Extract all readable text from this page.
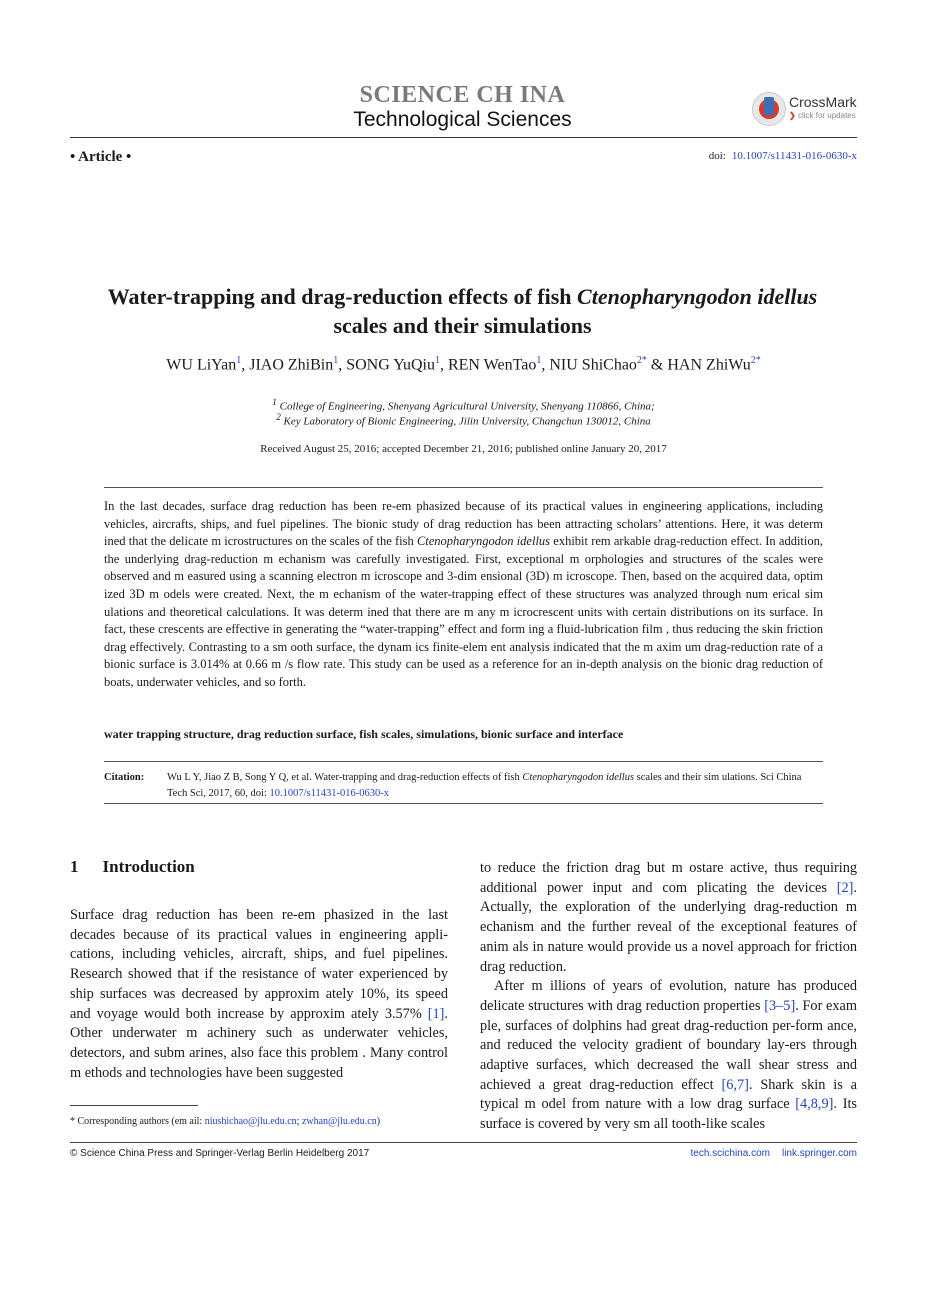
SCIENCE CH INA
Technological Sciences
CrossMark
❯ click for updates
• Article •	doi: 10.1007/s11431-016-0630-x
Water-trapping and drag-reduction effects of fish Ctenopharyngodon idellus scales and their simulations
WU LiYan$^1$, JIAO ZhiBin$^1$, SONG YuQiu$^1$, REN WenTao$^1$, NIU ShiChao$^{2*}$ & HAN ZhiWu$^{2*}$
$^1$ College of Engineering, Shenyang Agricultural University, Shenyang 110866, China;
$^2$ Key Laboratory of Bionic Engineering, Jilin University, Changchun 130012, China
Received August 25, 2016; accepted December 21, 2016; published online January 20, 2017
In the last decades, surface drag reduction has been re-em phasized because of its practical values in engineering applications, including vehicles, aircrafts, ships, and fuel pipelines. The bionic study of drag reduction has been attracting scholars’ attentions. Here, it was determ ined that the delicate m icrostructures on the scales of the fish Ctenopharyngodon idellus exhibit rem arkable drag-reduction effect. In addition, the underlying drag-reduction m echanism was carefully investigated. First, exceptional m orphologies and structures of the scales were observed and m easured using a scanning electron m icroscope and 3-dim ensional (3D) m icroscope. Then, based on the acquired data, optim ized 3D m odels were created. Next, the m echanism of the water-trapping effect of these structures was analyzed through num erical sim ulations and theoretical calculations. It was determ ined that there are m any m icrocrescent units with certain distributions on its surface. In fact, these crescents are effective in generating the “water-trapping” effect and form ing a fluid-lubrication film , thus reducing the skin friction drag effectively. Contrasting to a sm ooth surface, the dynam ics finite-elem ent analysis indicated that the m axim um drag-reduction rate of a bionic surface is 3.014% at 0.66 m /s flow rate. This study can be used as a reference for an in-depth analysis on the bionic drag reduction of boats, underwater vehicles, and so forth.
water trapping structure, drag reduction surface, fish scales, simulations, bionic surface and interface
Citation: Wu L Y, Jiao Z B, Song Y Q, et al. Water-trapping and drag-reduction effects of fish Ctenopharyngodon idellus scales and their sim ulations. Sci China Tech Sci, 2017, 60, doi: 10.1007/s11431-016-0630-x
1 Introduction

Surface drag reduction has been re-em phasized in the last decades because of its practical values in engineering appli-cations, including vehicles, aircraft, ships, and fuel pipelines. Research showed that if the resistance of water experienced by ship surfaces was decreased by approxim ately 10%, its speed and voyage would both increase by approxim ately 3.57% [1]. Other underwater m achinery such as underwater vehicles, detectors, and subm arines, also face this problem . Many control m ethods and technologies have been suggested

to reduce the friction drag but m ostare active, thus requiring additional power input and com plicating the devices [2]. Actually, the exploration of the underlying drag-reduction m echanism and the further reveal of the exceptional features of anim als in nature would provide us a novel approach for friction drag reduction.

After m illions of years of evolution, nature has produced delicate structures with drag reduction properties [3–5]. For exam ple, surfaces of dolphins had great drag-reduction per-form ance, and reduced the velocity gradient of boundary lay-ers through adaptive surfaces, which decreased the wall shear stress and achieved a great drag-reduction effect [6,7]. Shark skin is a typical m odel from nature with a low drag surface [4,8,9]. Its surface is covered by very sm all tooth-like scales

* Corresponding authors (em ail: niushichao@jlu.edu.cn; zwhan@jlu.edu.cn)
© Science China Press and Springer-Verlag Berlin Heidelberg 2017	tech.scichina.com link.springer.com
